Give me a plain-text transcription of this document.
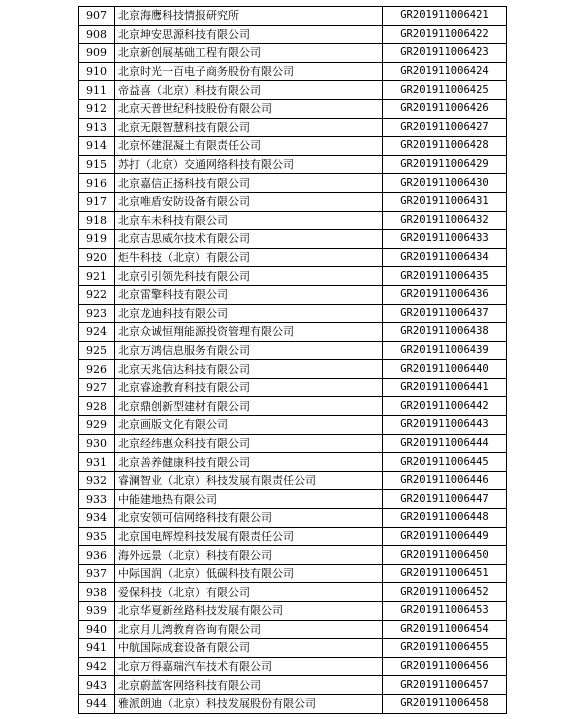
907	北京海鹰科技情报研究所	GR201911006421
908	北京坤安思源科技有限公司	GR201911006422
909	北京新创展基础工程有限公司	GR201911006423
910	北京时光一百电子商务股份有限公司	GR201911006424
911	帝益喜（北京）科技有限公司	GR201911006425
912	北京天普世纪科技股份有限公司	GR201911006426
913	北京无限智慧科技有限公司	GR201911006427
914	北京怀建混凝土有限责任公司	GR201911006428
915	苏打（北京）交通网络科技有限公司	GR201911006429
916	北京嘉信正扬科技有限公司	GR201911006430
917	北京唯盾安防设备有限公司	GR201911006431
918	北京车未科技有限公司	GR201911006432
919	北京吉思威尔技术有限公司	GR201911006433
920	炬牛科技（北京）有限公司	GR201911006434
921	北京引引领先科技有限公司	GR201911006435
922	北京雷擎科技有限公司	GR201911006436
923	北京龙迪科技有限公司	GR201911006437
924	北京众诚恒翔能源投资管理有限公司	GR201911006438
925	北京万鸿信息服务有限公司	GR201911006439
926	北京天兆信达科技有限公司	GR201911006440
927	北京睿途教育科技有限公司	GR201911006441
928	北京鼎创新型建材有限公司	GR201911006442
929	北京画版文化有限公司	GR201911006443
930	北京经纬惠众科技有限公司	GR201911006444
931	北京善养健康科技有限公司	GR201911006445
932	睿澜智业（北京）科技发展有限责任公司	GR201911006446
933	中能建地热有限公司	GR201911006447
934	北京安领可信网络科技有限公司	GR201911006448
935	北京国电辉煌科技发展有限责任公司	GR201911006449
936	海外远景（北京）科技有限公司	GR201911006450
937	中际国润（北京）低碳科技有限公司	GR201911006451
938	爱保科技（北京）有限公司	GR201911006452
939	北京华夏新丝路科技发展有限公司	GR201911006453
940	北京月儿湾教育咨询有限公司	GR201911006454
941	中航国际成套设备有限公司	GR201911006455
942	北京万得嘉瑞汽车技术有限公司	GR201911006456
943	北京蔚蓝客网络科技有限公司	GR201911006457
944	雅派朗迪（北京）科技发展股份有限公司	GR201911006458
